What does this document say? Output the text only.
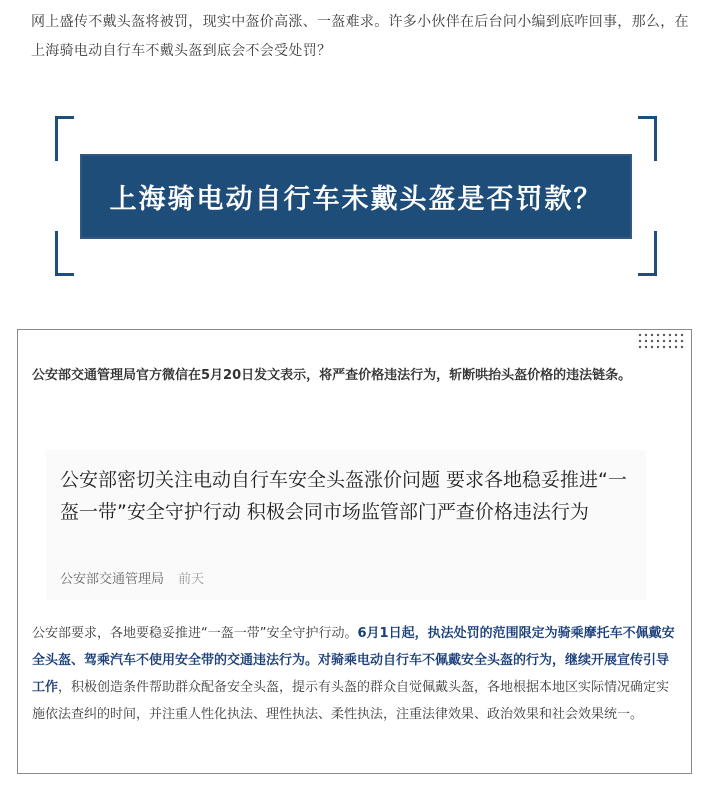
网上盛传不戴头盔将被罚，现实中盔价高涨、一盔难求。许多小伙伴在后台问小编到底咋回事，那么，在上海骑电动自行车不戴头盔到底会不会受处罚？
上海骑电动自行车未戴头盔是否罚款？
公安部交通管理局官方微信在5月20日发文表示，将严查价格违法行为，斩断哄抬头盔价格的违法链条。
公安部密切关注电动自行车安全头盔涨价问题 要求各地稳妥推进“一盔一带”安全守护行动 积极会同市场监管部门严查价格违法行为
公安部交通管理局 前天
公安部要求，各地要稳妥推进“一盔一带”安全守护行动。6月1日起，执法处罚的范围限定为骑乘摩托车不佩戴安全头盔、驾乘汽车不使用安全带的交通违法行为。对骑乘电动自行车不佩戴安全头盔的行为，继续开展宣传引导工作，积极创造条件帮助群众配备安全头盔，提示有头盔的群众自觉佩戴头盔，各地根据本地区实际情况确定实施依法查纠的时间，并注重人性化执法、理性执法、柔性执法，注重法律效果、政治效果和社会效果统一。
